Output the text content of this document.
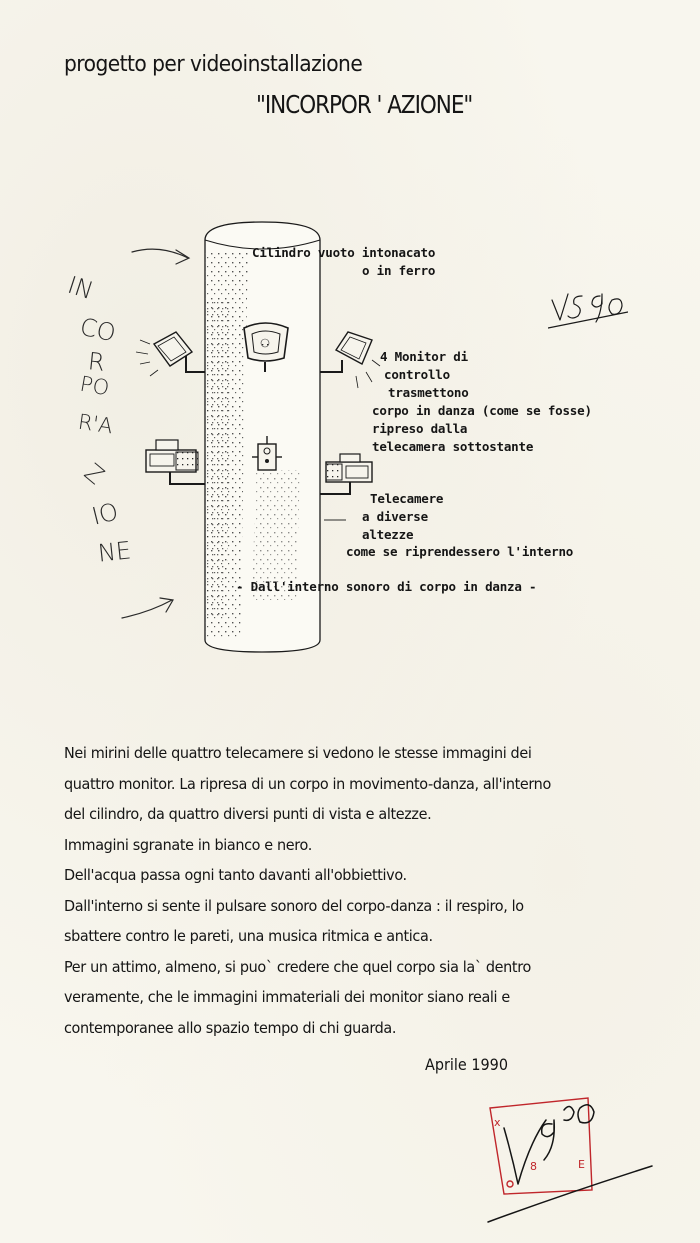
progetto per videoinstallazione
"INCORPOR ' AZIONE"
Cilindro vuoto intonacato
o in ferro
4 Monitor di
controllo
trasmettono
corpo in danza (come se fosse)
ripreso dalla
telecamera sottostante
Telecamere
a diverse
altezze
come se riprendessero l'interno
- Dall'interno sonoro di corpo in danza -
IN
CO
R
PO
R'A
Z
IO
NE
Nei mirini delle quattro telecamere si vedono le stesse immagini dei
quattro monitor. La ripresa di un corpo in movimento-danza, all'interno
del cilindro, da quattro diversi punti di vista e altezze.
Immagini sgranate in bianco e nero.
Dell'acqua passa ogni tanto davanti all'obbiettivo.
Dall'interno si sente il pulsare sonoro del corpo-danza : il respiro, lo
sbattere contro le pareti, una musica ritmica e antica.
Per un attimo, almeno, si puo` credere che quel corpo sia la` dentro
veramente, che le immagini immateriali dei monitor siano reali e
contemporanee allo spazio tempo di chi guarda.
Aprile 1990
x
8	E
